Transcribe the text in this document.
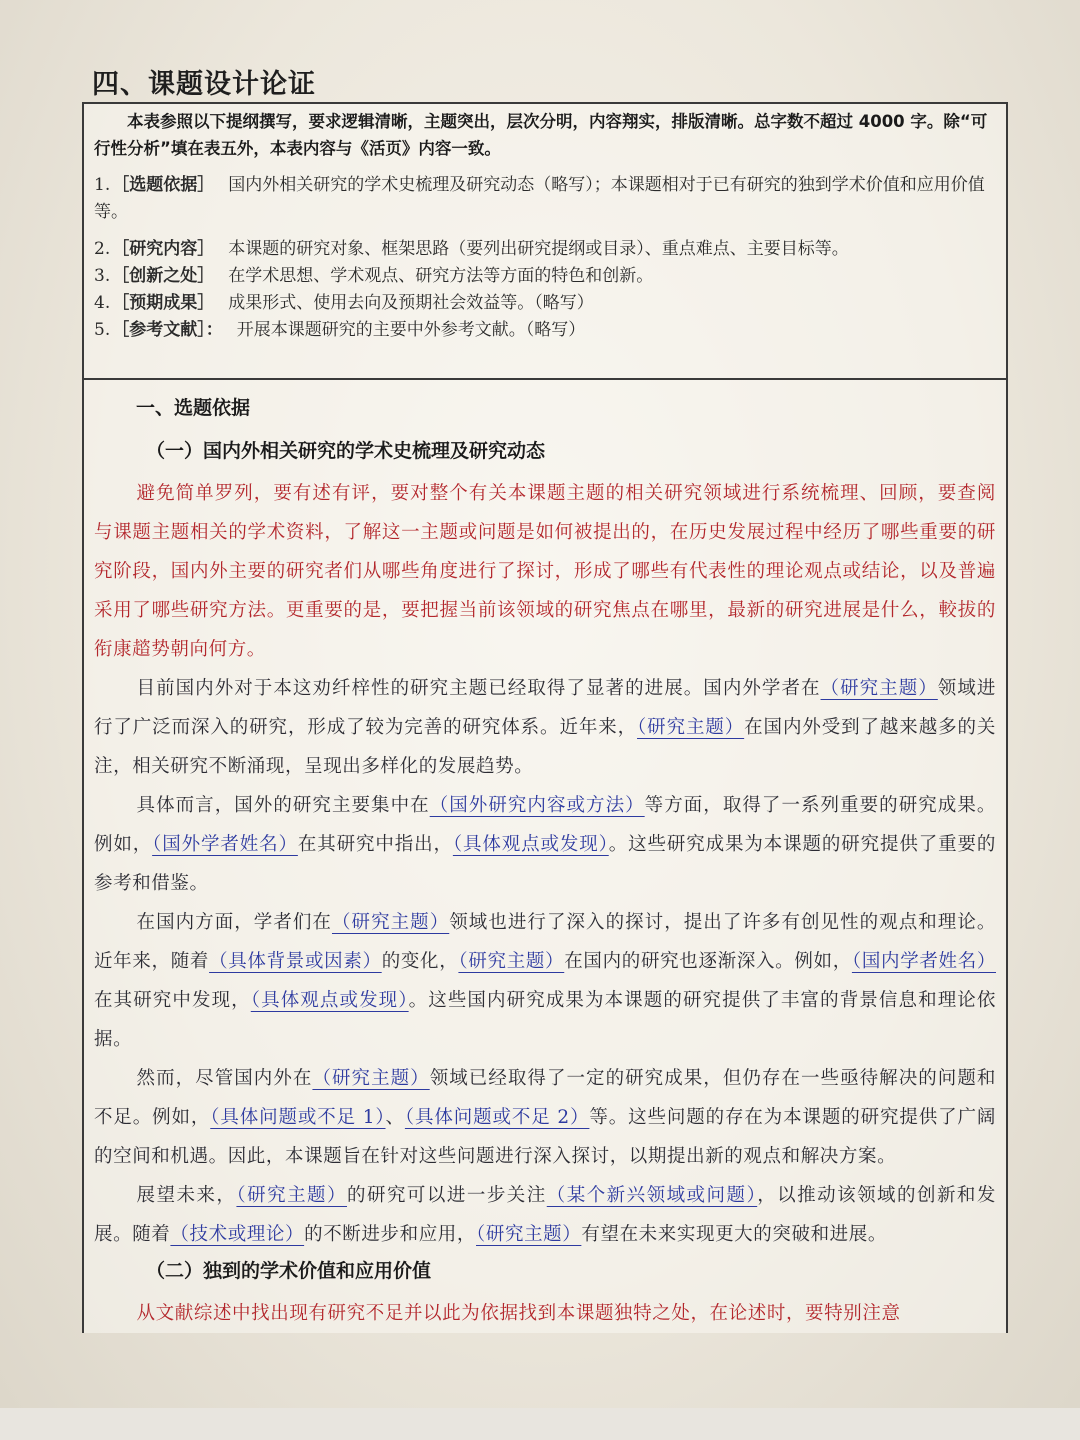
四、课题设计论证

本表参照以下提纲撰写，要求逻辑清晰，主题突出，层次分明，内容翔实，排版清晰。总字数不超过 4000 字。除“可行性分析”填在表五外，本表内容与《活页》内容一致。

1. ［选题依据］ 国内外相关研究的学术史梳理及研究动态（略写）；本课题相对于已有研究的独到学术价值和应用价值等。

2. ［研究内容］ 本课题的研究对象、框架思路（要列出研究提纲或目录）、重点难点、主要目标等。

3. ［创新之处］ 在学术思想、学术观点、研究方法等方面的特色和创新。

4. ［预期成果］ 成果形式、使用去向及预期社会效益等。（略写）

5. ［参考文献］： 开展本课题研究的主要中外参考文献。（略写）

一、选题依据
（一）国内外相关研究的学术史梳理及研究动态

避免简单罗列，要有述有评，要对整个有关本课题主题的相关研究领域进行系统梳理、回顾，要查阅与课题主题相关的学术资料，了解这一主题或问题是如何被提出的，在历史发展过程中经历了哪些重要的研究阶段，国内外主要的研究者们从哪些角度进行了探讨，形成了哪些有代表性的理论观点或结论，以及普遍采用了哪些研究方法。更重要的是，要把握当前该领域的研究焦点在哪里，最新的研究进展是什么，較拔的衔康趦势朝向何方。

目前国内外对于本这劝纤梓性的研究主题已经取得了显著的进展。国内外学者在（研究主题）领域进行了广泛而深入的研究，形成了较为完善的研究体系。近年来，（研究主题）在国内外受到了越来越多的关注，相关研究不断涌现，呈现出多样化的发展趋势。

具体而言，国外的研究主要集中在（国外研究内容或方法）等方面，取得了一系列重要的研究成果。例如，（国外学者姓名）在其研究中指出，（具体观点或发现）。这些研究成果为本课题的研究提供了重要的参考和借鉴。

在国内方面，学者们在（研究主题）领域也进行了深入的探讨，提出了许多有创见性的观点和理论。近年来，随着（具体背景或因素）的变化，（研究主题）在国内的研究也逐渐深入。例如，（国内学者姓名）在其研究中发现，（具体观点或发现）。这些国内研究成果为本课题的研究提供了丰富的背景信息和理论依据。

然而，尽管国内外在（研究主题）领域已经取得了一定的研究成果，但仍存在一些亟待解决的问题和不足。例如，（具体问题或不足 1）、（具体问题或不足 2）等。这些问题的存在为本课题的研究提供了广阔的空间和机遇。因此，本课题旨在针对这些问题进行深入探讨，以期提出新的观点和解决方案。

展望未来，（研究主题）的研究可以进一步关注（某个新兴领域或问题），以推动该领域的创新和发展。随着（技术或理论）的不断进步和应用，（研究主题）有望在未来实现更大的突破和进展。

（二）独到的学术价值和应用价值

从文献综述中找出现有研究不足并以此为依据找到本课题独特之处，在论述时，要特别注意
